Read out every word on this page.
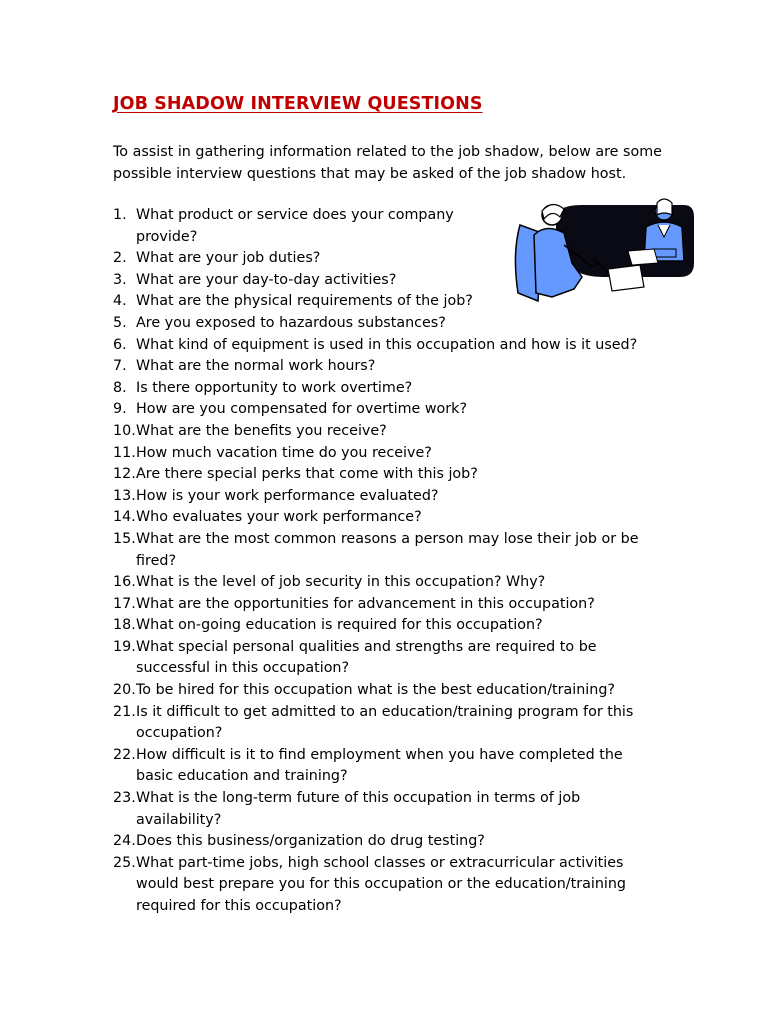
JOB SHADOW INTERVIEW QUESTIONS

To assist in gathering information related to the job shadow, below are some possible interview questions that may be asked of the job shadow host.

1. What product or service does your company provide?
2. What are your job duties?
3. What are your day-to-day activities?
4. What are the physical requirements of the job?
5. Are you exposed to hazardous substances?
6. What kind of equipment is used in this occupation and how is it used?
7. What are the normal work hours?
8. Is there opportunity to work overtime?
9. How are you compensated for overtime work?
10. What are the benefits you receive?
11. How much vacation time do you receive?
12. Are there special perks that come with this job?
13. How is your work performance evaluated?
14. Who evaluates your work performance?
15. What are the most common reasons a person may lose their job or be fired?
16. What is the level of job security in this occupation? Why?
17. What are the opportunities for advancement in this occupation?
18. What on-going education is required for this occupation?
19. What special personal qualities and strengths are required to be successful in this occupation?
20. To be hired for this occupation what is the best education/training?
21. Is it difficult to get admitted to an education/training program for this occupation?
22. How difficult is it to find employment when you have completed the basic education and training?
23. What is the long-term future of this occupation in terms of job availability?
24. Does this business/organization do drug testing?
25. What part-time jobs, high school classes or extracurricular activities would best prepare you for this occupation or the education/training required for this occupation?
